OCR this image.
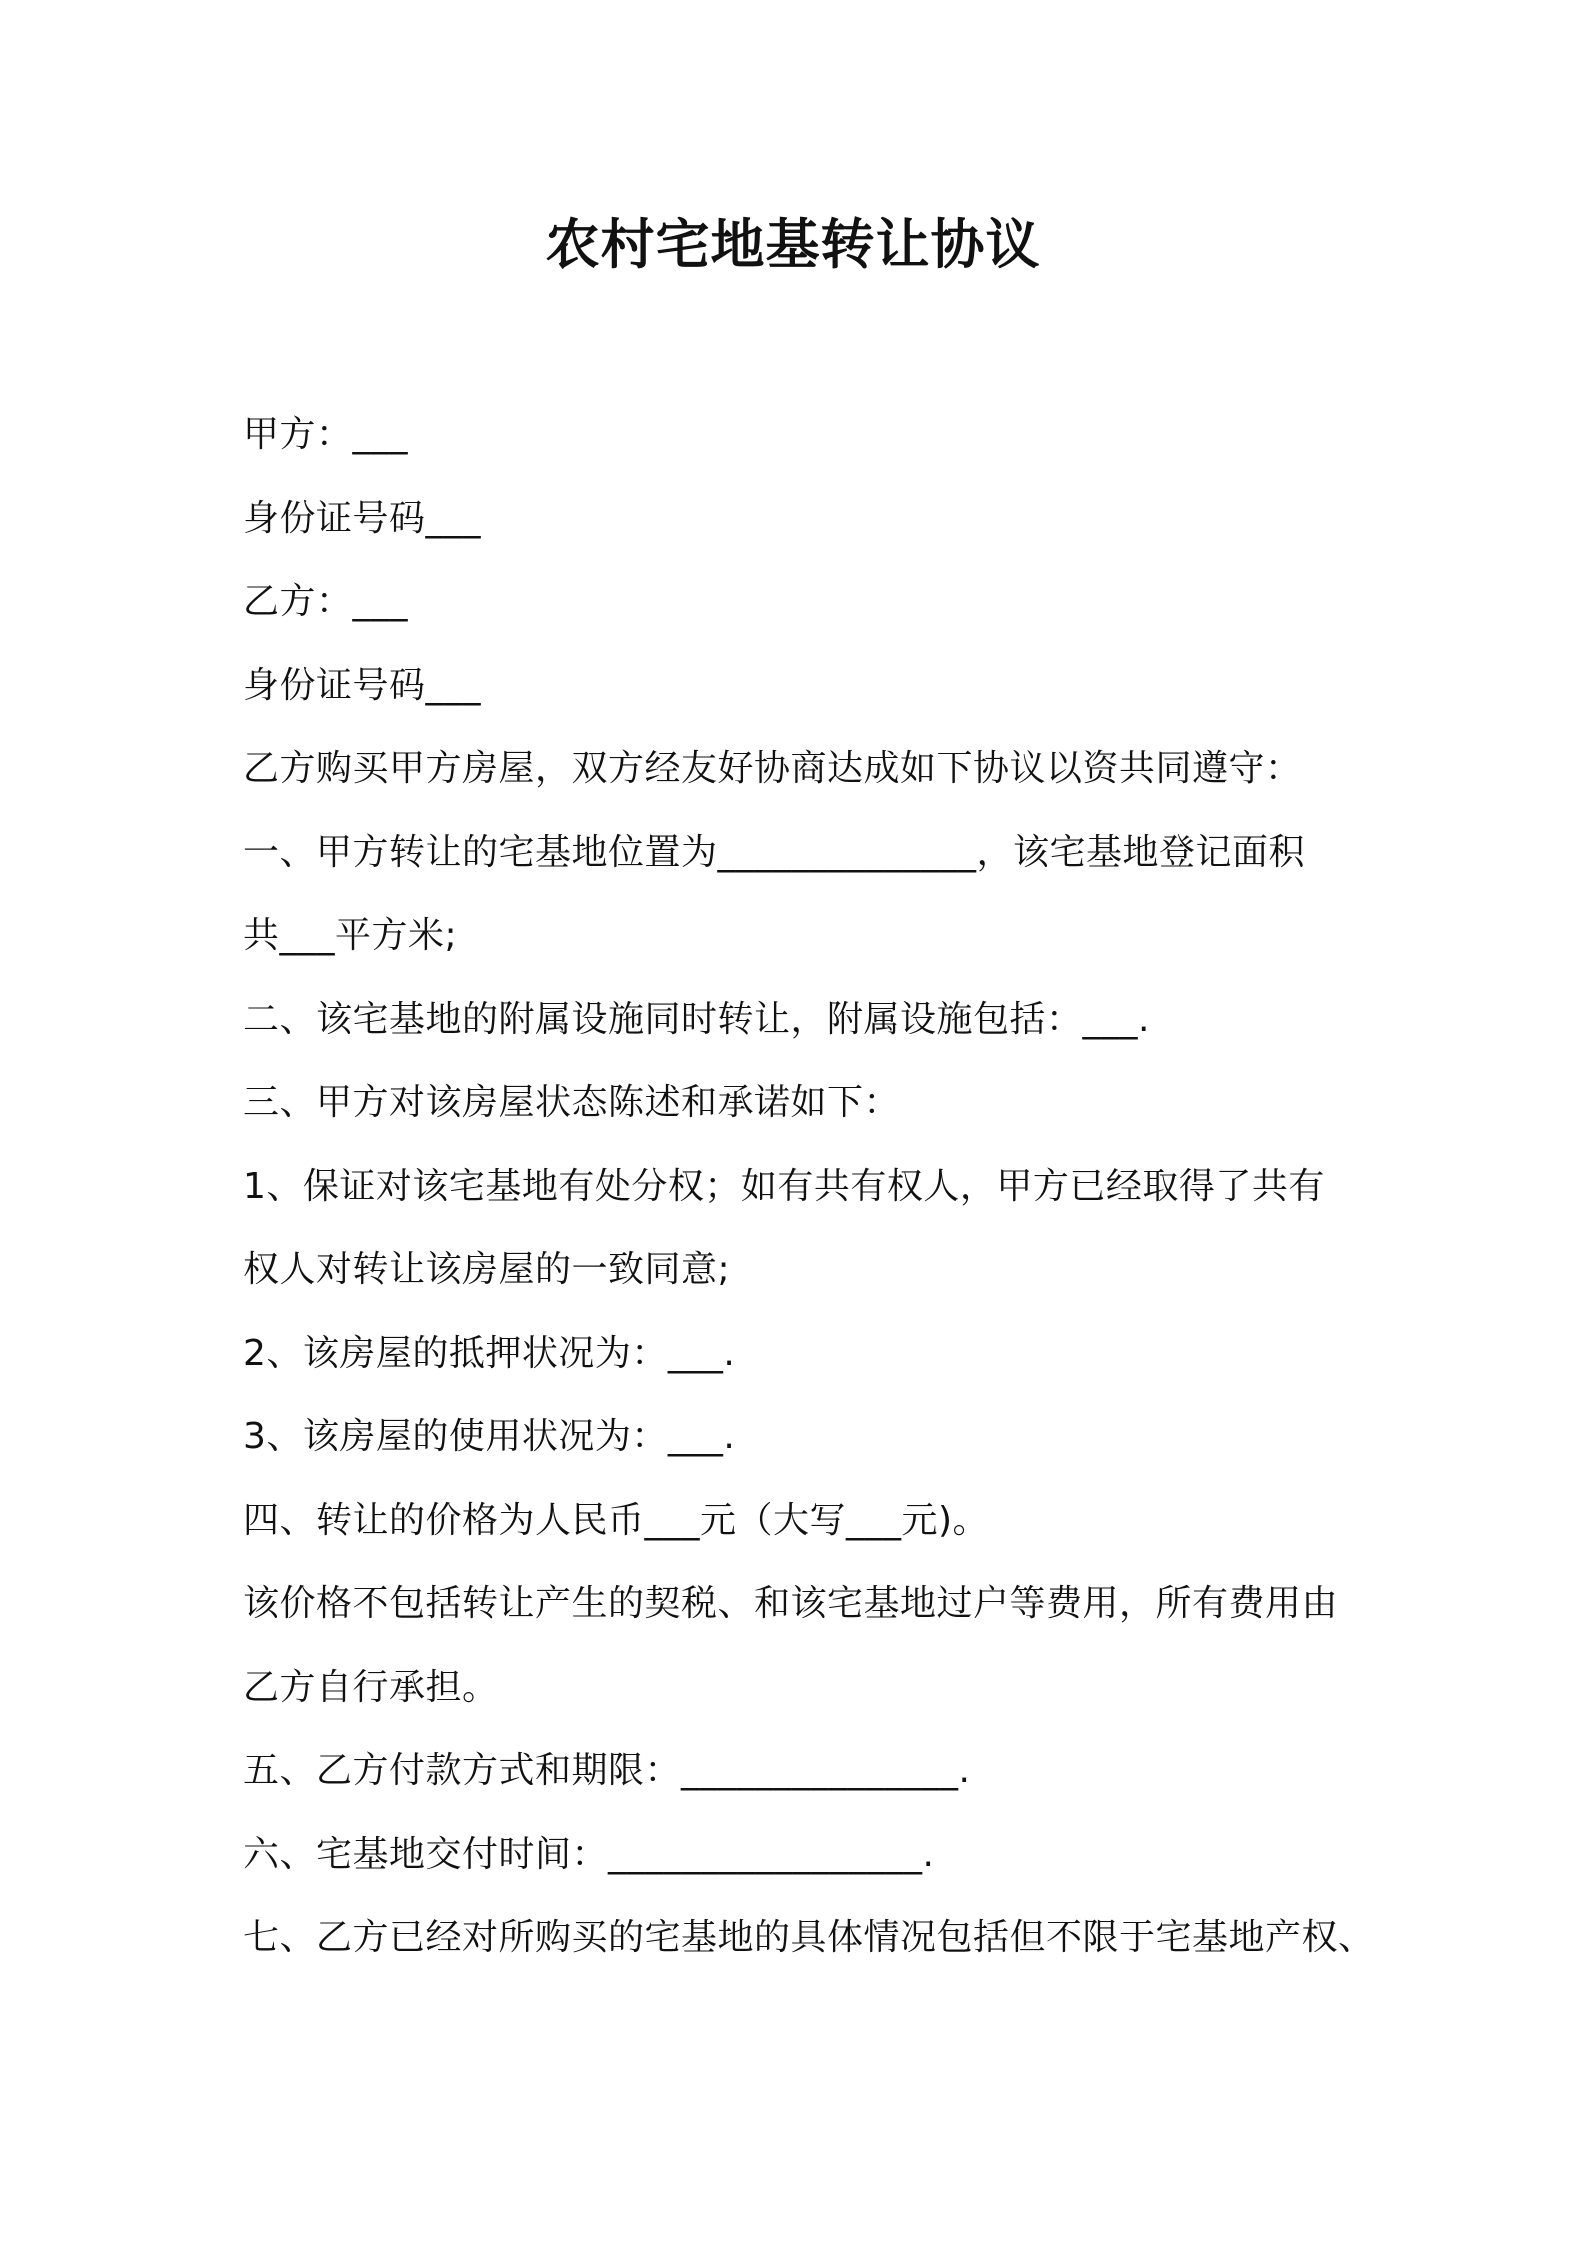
农村宅地基转让协议
甲方：___
身份证号码___
乙方：___
身份证号码___
乙方购买甲方房屋，双方经友好协商达成如下协议以资共同遵守：
一、甲方转让的宅基地位置为______________，该宅基地登记面积
共___平方米;
二、该宅基地的附属设施同时转让，附属设施包括：___.
三、甲方对该房屋状态陈述和承诺如下：
1、保证对该宅基地有处分权；如有共有权人，甲方已经取得了共有
权人对转让该房屋的一致同意;
2、该房屋的抵押状况为：___.
3、该房屋的使用状况为：___.
四、转让的价格为人民币___元（大写___元)。
该价格不包括转让产生的契税、和该宅基地过户等费用，所有费用由
乙方自行承担。
五、乙方付款方式和期限：_______________.
六、宅基地交付时间：_________________.
七、乙方已经对所购买的宅基地的具体情况包括但不限于宅基地产权、
